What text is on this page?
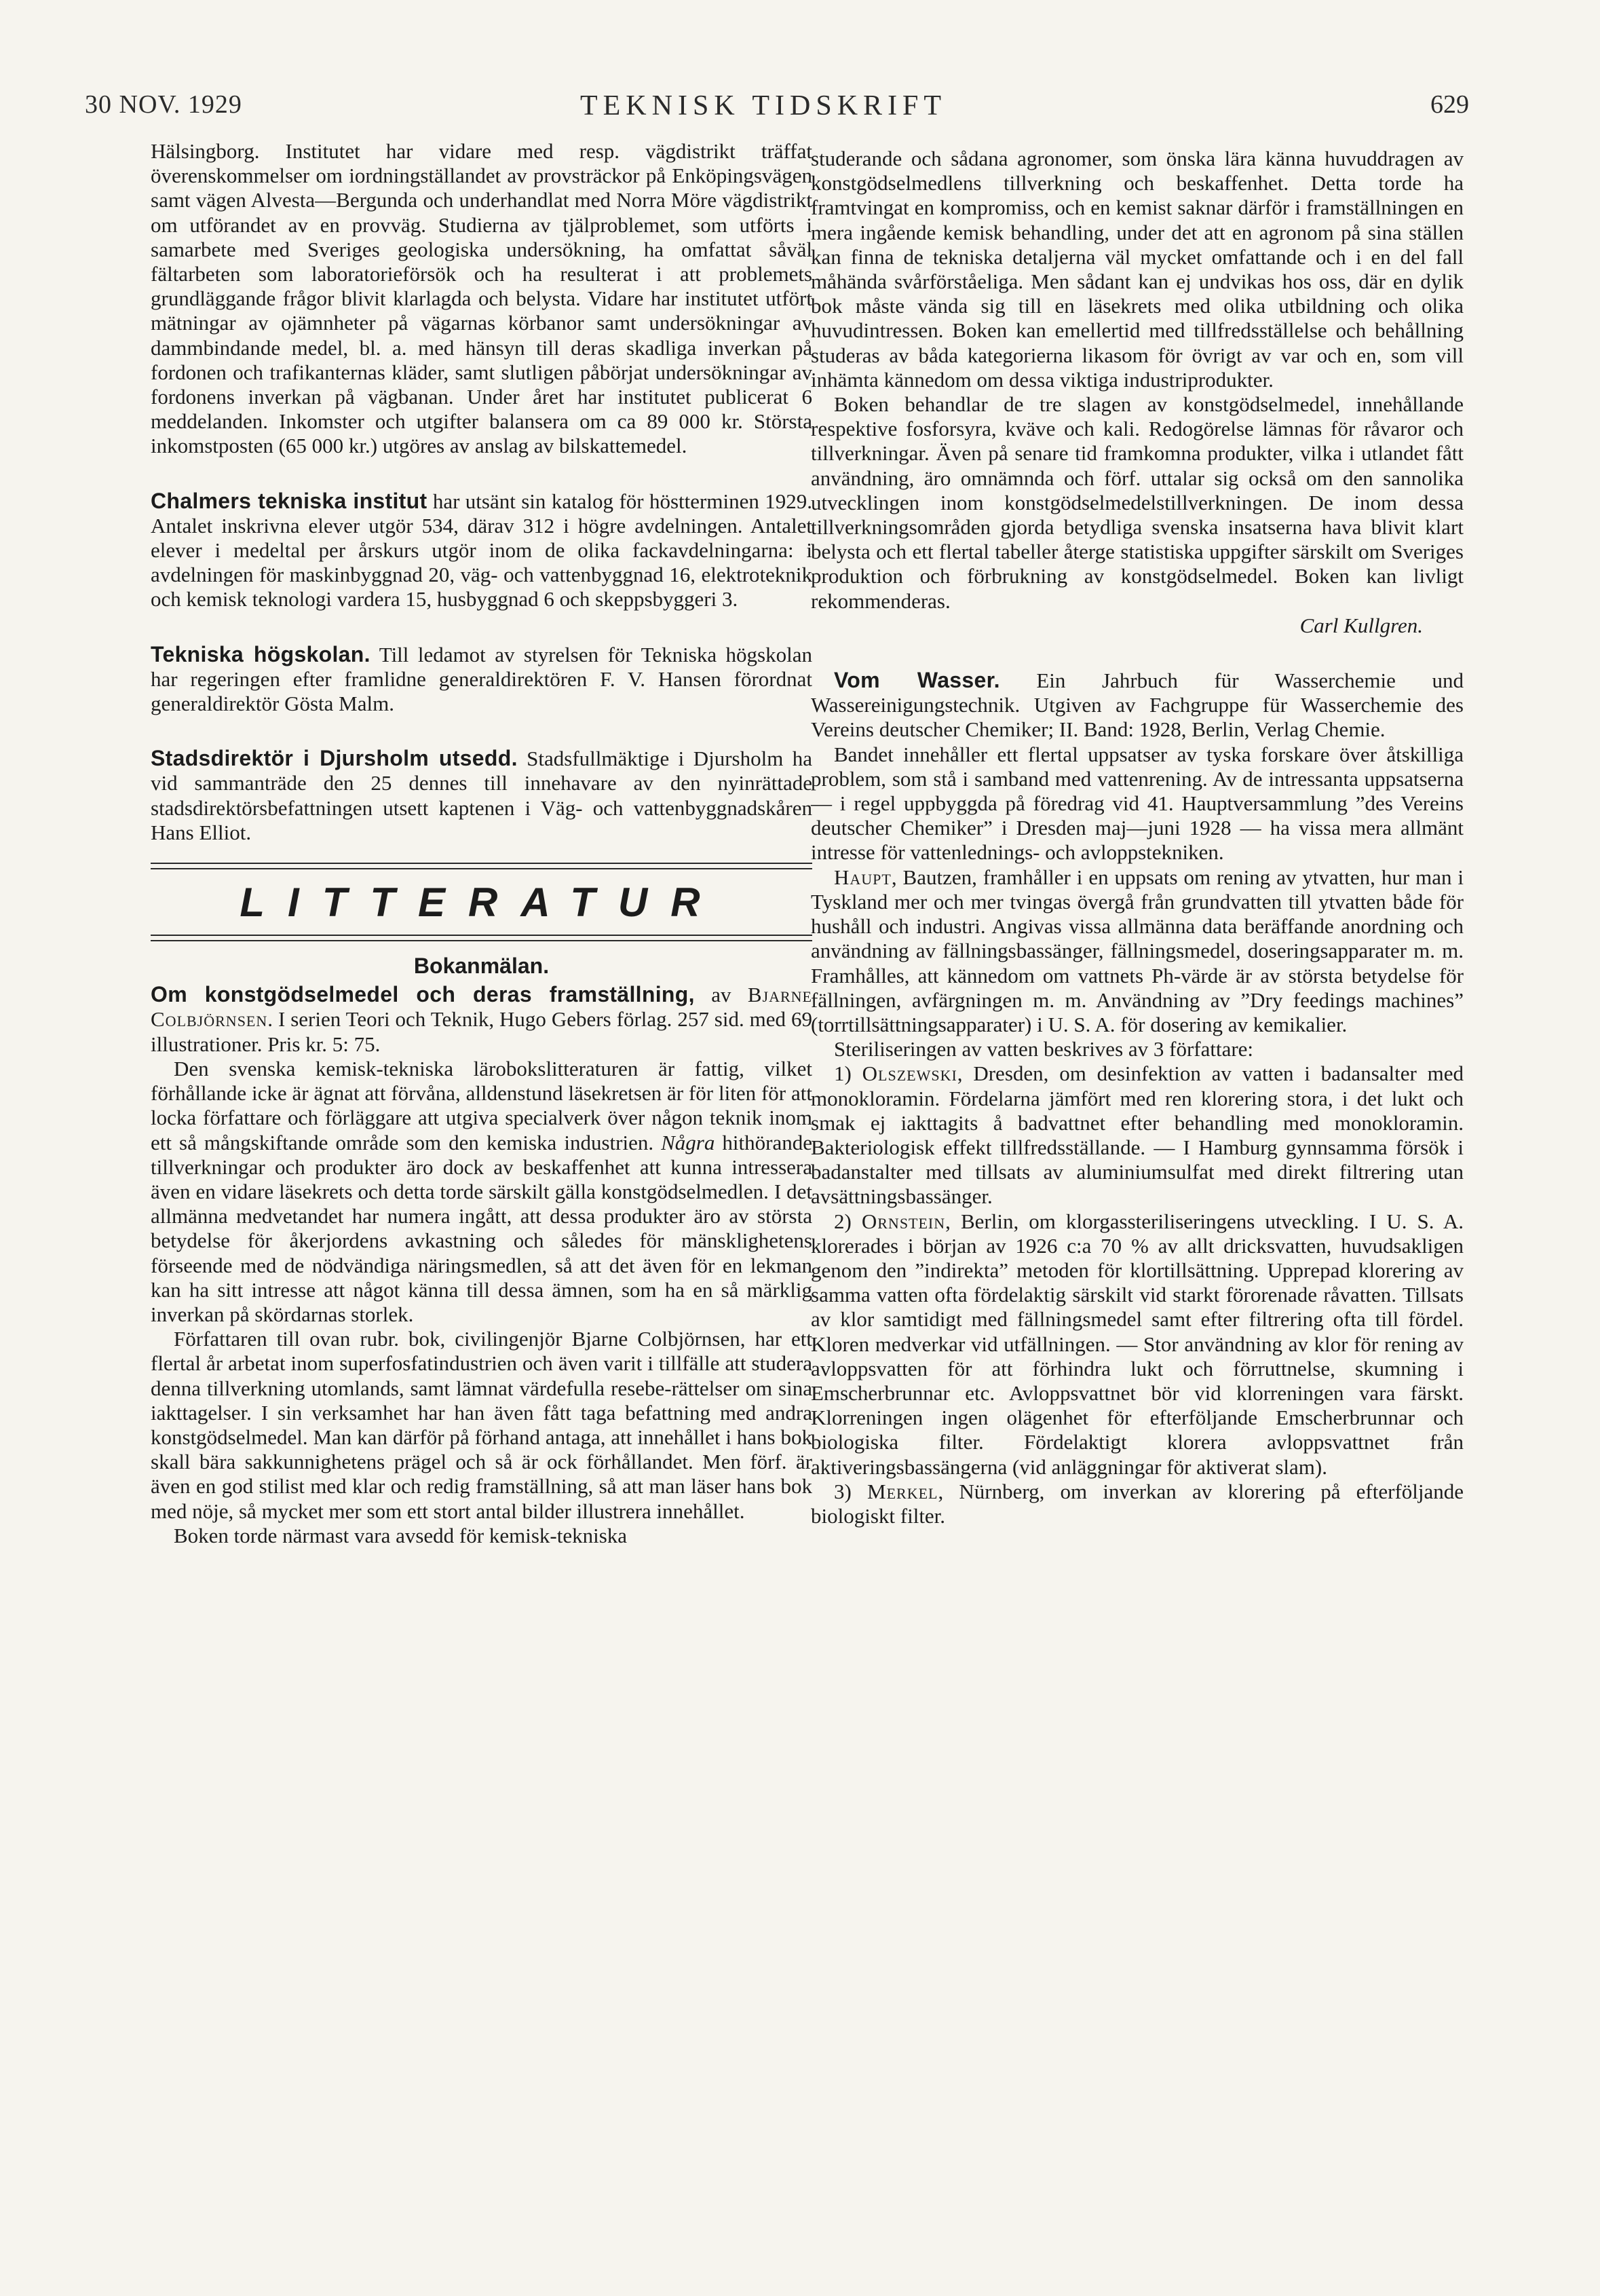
30 NOV. 1929	TEKNISK TIDSKRIFT	629

Hälsingborg. Institutet har vidare med resp. vägdistrikt träffat överenskommelser om iordningställandet av provsträckor på Enköpingsvägen samt vägen Alvesta—Bergunda och underhandlat med Norra Möre vägdistrikt om utförandet av en provväg. Studierna av tjälproblemet, som utförts i samarbete med Sveriges geologiska undersökning, ha omfattat såväl fältarbeten som laboratorieförsök och ha resulterat i att problemets grundläggande frågor blivit klarlagda och belysta. Vidare har institutet utfört mätningar av ojämnheter på vägarnas körbanor samt undersökningar av dammbindande medel, bl. a. med hänsyn till deras skadliga inverkan på fordonen och trafikanternas kläder, samt slutligen påbörjat undersökningar av fordonens inverkan på vägbanan. Under året har institutet publicerat 6 meddelanden. Inkomster och utgifter balansera om ca 89 000 kr. Största inkomstposten (65 000 kr.) utgöres av anslag av bilskattemedel.

Chalmers tekniska institut har utsänt sin katalog för höstterminen 1929. Antalet inskrivna elever utgör 534, därav 312 i högre avdelningen. Antalet elever i medeltal per årskurs utgör inom de olika fackavdelningarna: i avdelningen för maskinbyggnad 20, väg- och vattenbyggnad 16, elektroteknik och kemisk teknologi vardera 15, husbyggnad 6 och skeppsbyggeri 3.

Tekniska högskolan. Till ledamot av styrelsen för Tekniska högskolan har regeringen efter framlidne generaldirektören F. V. Hansen förordnat generaldirektör Gösta Malm.

Stadsdirektör i Djursholm utsedd. Stadsfullmäktige i Djursholm ha vid sammanträde den 25 dennes till innehavare av den nyinrättade stadsdirektörsbefattningen utsett kaptenen i Väg- och vattenbyggnadskåren Hans Elliot.

LITTERATUR
Bokanmälan.

Om konstgödselmedel och deras framställning, av Bjarne Colbjörnsen. I serien Teori och Teknik, Hugo Gebers förlag. 257 sid. med 69 illustrationer. Pris kr. 5: 75.

Den svenska kemisk-tekniska lärobokslitteraturen är fattig, vilket förhållande icke är ägnat att förvåna, alldenstund läsekretsen är för liten för att locka författare och förläggare att utgiva specialverk över någon teknik inom ett så mångskiftande område som den kemiska industrien. Några hithörande tillverkningar och produkter äro dock av beskaffenhet att kunna intressera även en vidare läsekrets och detta torde särskilt gälla konstgödselmedlen. I det allmänna medvetandet har numera ingått, att dessa produkter äro av största betydelse för åkerjordens avkastning och således för mänsklighetens förseende med de nödvändiga näringsmedlen, så att det även för en lekman kan ha sitt intresse att något känna till dessa ämnen, som ha en så märklig inverkan på skördarnas storlek.

Författaren till ovan rubr. bok, civilingenjör Bjarne Colbjörnsen, har ett flertal år arbetat inom superfosfatindustrien och även varit i tillfälle att studera denna tillverkning utomlands, samt lämnat värdefulla resebe-rättelser om sina iakttagelser. I sin verksamhet har han även fått taga befattning med andra konstgödselmedel. Man kan därför på förhand antaga, att innehållet i hans bok skall bära sakkunnighetens prägel och så är ock förhållandet. Men förf. är även en god stilist med klar och redig framställning, så att man läser hans bok med nöje, så mycket mer som ett stort antal bilder illustrera innehållet.

Boken torde närmast vara avsedd för kemisk-tekniska

studerande och sådana agronomer, som önska lära känna huvuddragen av konstgödselmedlens tillverkning och beskaffenhet. Detta torde ha framtvingat en kompromiss, och en kemist saknar därför i framställningen en mera ingående kemisk behandling, under det att en agronom på sina ställen kan finna de tekniska detaljerna väl mycket omfattande och i en del fall måhända svårförståeliga. Men sådant kan ej undvikas hos oss, där en dylik bok måste vända sig till en läsekrets med olika utbildning och olika huvudintressen. Boken kan emellertid med tillfredsställelse och behållning studeras av båda kategorierna likasom för övrigt av var och en, som vill inhämta kännedom om dessa viktiga industriprodukter.

Boken behandlar de tre slagen av konstgödselmedel, innehållande respektive fosforsyra, kväve och kali. Redogörelse lämnas för råvaror och tillverkningar. Även på senare tid framkomna produkter, vilka i utlandet fått användning, äro omnämnda och förf. uttalar sig också om den sannolika utvecklingen inom konstgödselmedelstillverkningen. De inom dessa tillverkningsområden gjorda betydliga svenska insatserna hava blivit klart belysta och ett flertal tabeller återge statistiska uppgifter särskilt om Sveriges produktion och förbrukning av konstgödselmedel. Boken kan livligt rekommenderas.

Carl Kullgren.

Vom Wasser. Ein Jahrbuch für Wasserchemie und Wassereinigungstechnik. Utgiven av Fachgruppe für Wasserchemie des Vereins deutscher Chemiker; II. Band: 1928, Berlin, Verlag Chemie.

Bandet innehåller ett flertal uppsatser av tyska forskare över åtskilliga problem, som stå i samband med vattenrening. Av de intressanta uppsatserna — i regel uppbyggda på föredrag vid 41. Hauptversammlung ”des Vereins deutscher Chemiker” i Dresden maj—juni 1928 — ha vissa mera allmänt intresse för vattenlednings- och avloppstekniken.

Haupt, Bautzen, framhåller i en uppsats om rening av ytvatten, hur man i Tyskland mer och mer tvingas övergå från grundvatten till ytvatten både för hushåll och industri. Angivas vissa allmänna data beräffande anordning och användning av fällningsbassänger, fällningsmedel, doseringsapparater m. m. Framhålles, att kännedom om vattnets Ph-värde är av största betydelse för fällningen, avfärgningen m. m. Användning av ”Dry feedings machines” (torrtillsättningsapparater) i U. S. A. för dosering av kemikalier.

Steriliseringen av vatten beskrives av 3 författare:

1) Olszewski, Dresden, om desinfektion av vatten i badansalter med monokloramin. Fördelarna jämfört med ren klorering stora, i det lukt och smak ej iakttagits å badvattnet efter behandling med monokloramin. Bakteriologisk effekt tillfredsställande. — I Hamburg gynnsamma försök i badanstalter med tillsats av aluminiumsulfat med direkt filtrering utan avsättningsbassänger.

2) Ornstein, Berlin, om klorgassteriliseringens utveckling. I U. S. A. klorerades i början av 1926 c:a 70 % av allt dricksvatten, huvudsakligen genom den ”indirekta” metoden för klortillsättning. Upprepad klorering av samma vatten ofta fördelaktig särskilt vid starkt förorenade råvatten. Tillsats av klor samtidigt med fällningsmedel samt efter filtrering ofta till fördel. Kloren medverkar vid utfällningen. — Stor användning av klor för rening av avloppsvatten för att förhindra lukt och förruttnelse, skumning i Emscherbrunnar etc. Avloppsvattnet bör vid klorreningen vara färskt. Klorreningen ingen olägenhet för efterföljande Emscherbrunnar och biologiska filter. Fördelaktigt klorera avloppsvattnet från aktiveringsbassängerna (vid anläggningar för aktiverat slam).

3) Merkel, Nürnberg, om inverkan av klorering på efterföljande biologiskt filter.
